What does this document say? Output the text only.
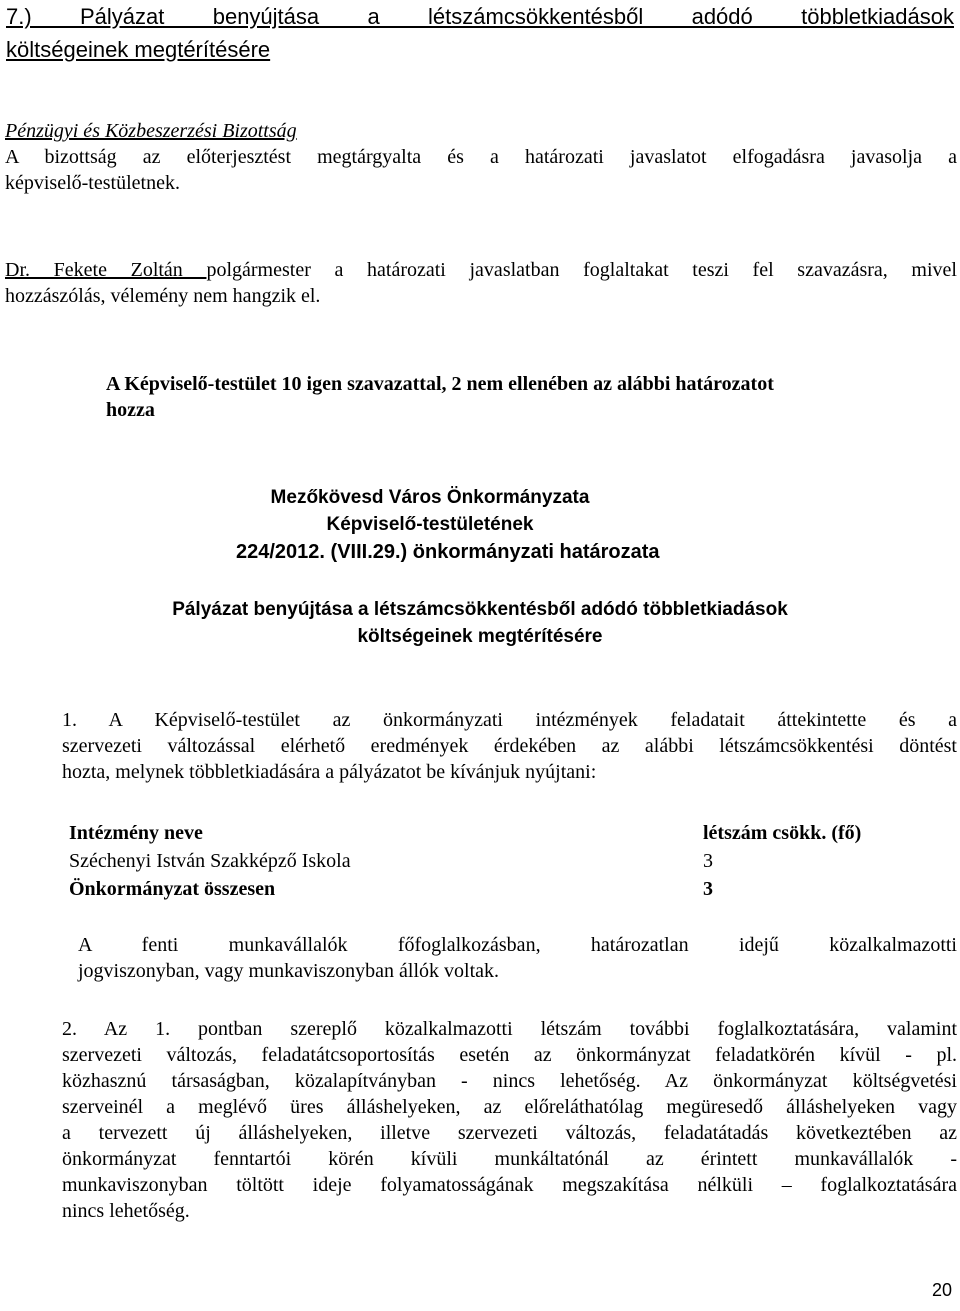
7.) Pályázat benyújtása a létszámcsökkentésből adódó többletkiadások
költségeinek megtérítésére
Pénzügyi és Közbeszerzési Bizottság
A bizottság az előterjesztést megtárgyalta és a határozati javaslatot elfogadásra javasolja a
képviselő-testületnek.
Dr. Fekete Zoltán polgármester a határozati javaslatban foglaltakat teszi fel szavazásra, mivel
hozzászólás, vélemény nem hangzik el.
A Képviselő-testület 10 igen szavazattal, 2 nem ellenében az alábbi határozatot
hozza
Mezőkövesd Város Önkormányzata
Képviselő-testületének
224/2012. (VIII.29.) önkormányzati határozata
Pályázat benyújtása a létszámcsökkentésből adódó többletkiadások
költségeinek megtérítésére
1. A Képviselő-testület az önkormányzati intézmények feladatait áttekintette és a
szervezeti változással elérhető eredmények érdekében az alábbi létszámcsökkentési döntést
hozta, melynek többletkiadására a pályázatot be kívánjuk nyújtani:
Intézmény neve	létszám csökk. (fő)
Széchenyi István Szakképző Iskola	3
Önkormányzat összesen	3
A fenti munkavállalók főfoglalkozásban, határozatlan idejű közalkalmazotti
jogviszonyban, vagy munkaviszonyban állók voltak.
2. Az 1. pontban szereplő közalkalmazotti létszám további foglalkoztatására, valamint
szervezeti változás, feladatátcsoportosítás esetén az önkormányzat feladatkörén kívül - pl.
közhasznú társaságban, közalapítványban - nincs lehetőség. Az önkormányzat költségvetési
szerveinél a meglévő üres álláshelyeken, az előreláthatólag megüresedő álláshelyeken vagy
a tervezett új álláshelyeken, illetve szervezeti változás, feladatátadás következtében az
önkormányzat fenntartói körén kívüli munkáltatónál az érintett munkavállalók -
munkaviszonyban töltött ideje folyamatosságának megszakítása nélküli – foglalkoztatására
nincs lehetőség.
20
